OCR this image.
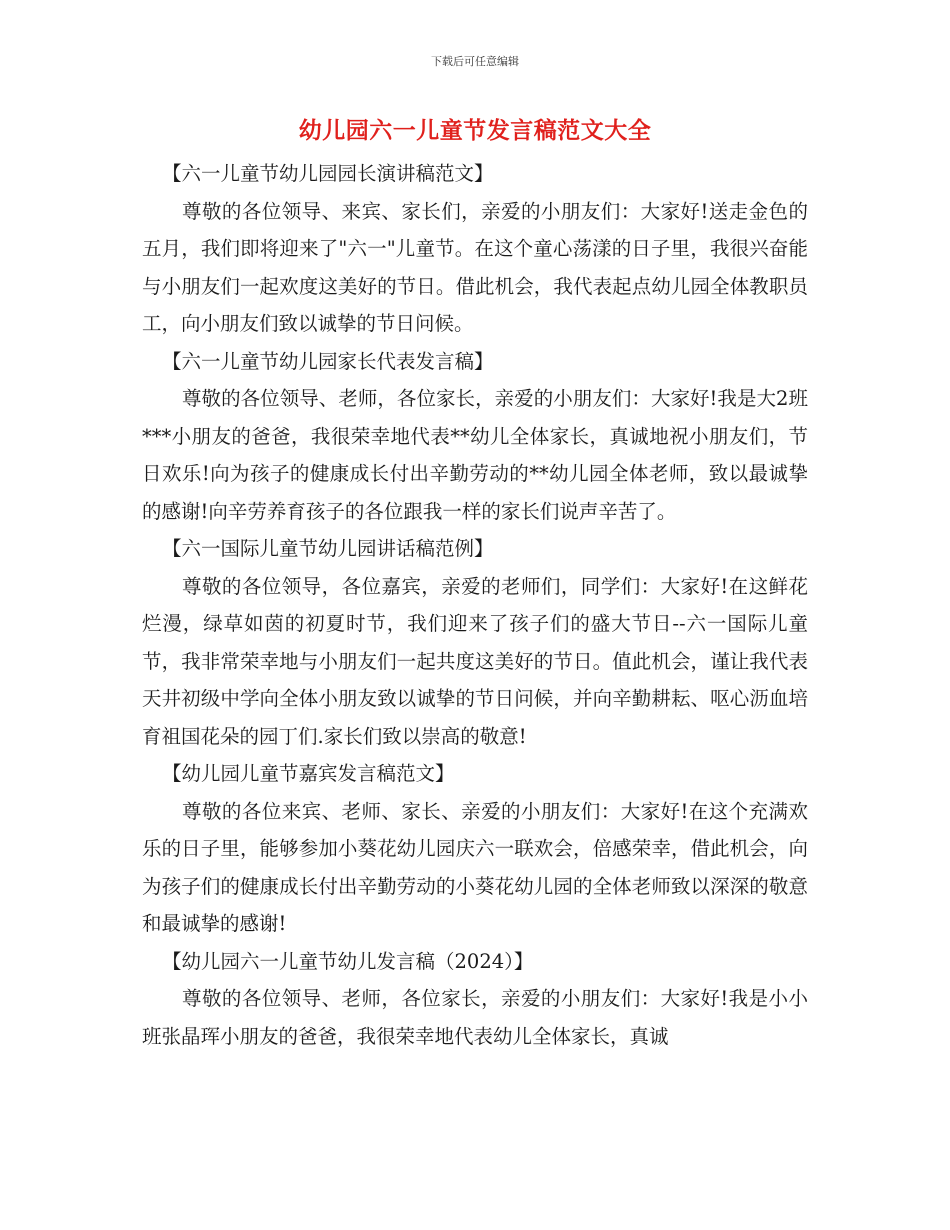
下载后可任意编辑
幼儿园六一儿童节发言稿范文大全

【六一儿童节幼儿园园长演讲稿范文】

尊敬的各位领导、来宾、家长们，亲爱的小朋友们：大家好!送走金色的五月，我们即将迎来了"六一"儿童节。在这个童心荡漾的日子里，我很兴奋能与小朋友们一起欢度这美好的节日。借此机会，我代表起点幼儿园全体教职员工，向小朋友们致以诚挚的节日问候。

【六一儿童节幼儿园家长代表发言稿】

尊敬的各位领导、老师，各位家长，亲爱的小朋友们：大家好!我是大2班***小朋友的爸爸，我很荣幸地代表**幼儿全体家长，真诚地祝小朋友们，节日欢乐!向为孩子的健康成长付出辛勤劳动的**幼儿园全体老师，致以最诚挚的感谢!向辛劳养育孩子的各位跟我一样的家长们说声辛苦了。

【六一国际儿童节幼儿园讲话稿范例】

尊敬的各位领导，各位嘉宾，亲爱的老师们，同学们：大家好!在这鲜花烂漫，绿草如茵的初夏时节，我们迎来了孩子们的盛大节日--六一国际儿童节，我非常荣幸地与小朋友们一起共度这美好的节日。值此机会，谨让我代表天井初级中学向全体小朋友致以诚挚的节日问候，并向辛勤耕耘、呕心沥血培育祖国花朵的园丁们.家长们致以崇高的敬意!

【幼儿园儿童节嘉宾发言稿范文】

尊敬的各位来宾、老师、家长、亲爱的小朋友们：大家好!在这个充满欢乐的日子里，能够参加小葵花幼儿园庆六一联欢会，倍感荣幸，借此机会，向为孩子们的健康成长付出辛勤劳动的小葵花幼儿园的全体老师致以深深的敬意和最诚挚的感谢!

【幼儿园六一儿童节幼儿发言稿（2024）】

尊敬的各位领导、老师，各位家长，亲爱的小朋友们：大家好!我是小小班张晶珲小朋友的爸爸，我很荣幸地代表幼儿全体家长，真诚
